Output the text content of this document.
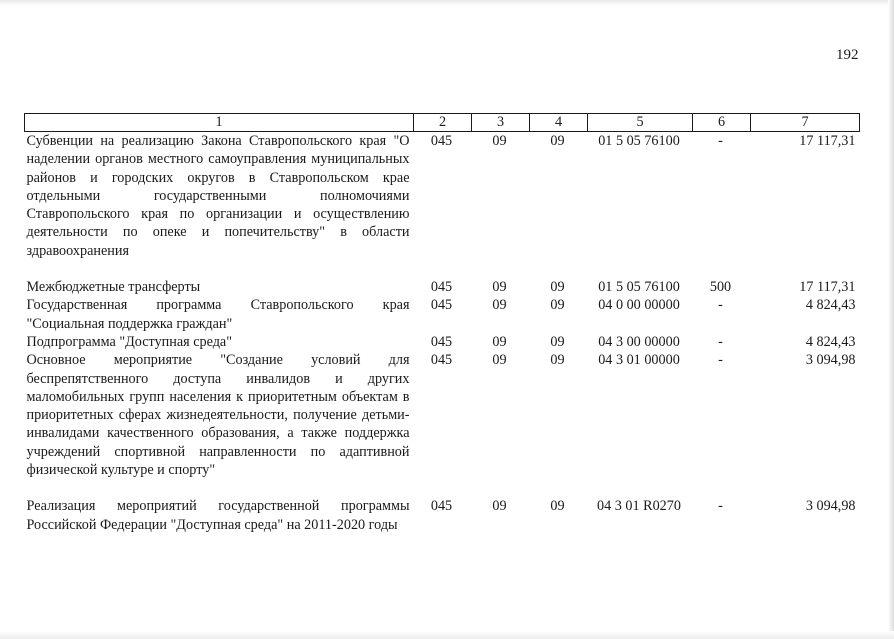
192
1	2	3	4	5	6	7
Субвенции на реализацию Закона Ставропольского края "О наделении органов местного самоуправления муниципальных районов и городских округов в Ставропольском крае отдельными государственными полномочиями Ставропольского края по организации и осуществлению деятельности по опеке и попечительству" в области здравоохранения	045	09	09	01 5 05 76100	-	17 117,31

Межбюджетные трансферты	045	09	09	01 5 05 76100	500	17 117,31
Государственная программа Ставропольского края "Социальная поддержка граждан"	045	09	09	04 0 00 00000	-	4 824,43
Подпрограмма "Доступная среда"	045	09	09	04 3 00 00000	-	4 824,43
Основное мероприятие "Создание условий для беспрепятственного доступа инвалидов и других маломобильных групп населения к приоритетным объектам в приоритетных сферах жизнедеятельности, получение детьми-инвалидами качественного образования, а также поддержка учреждений спортивной направленности по адаптивной физической культуре и спорту"	045	09	09	04 3 01 00000	-	3 094,98

Реализация мероприятий государственной программы Российской Федерации "Доступная среда" на 2011-2020 годы	045	09	09	04 3 01 R0270	-	3 094,98
